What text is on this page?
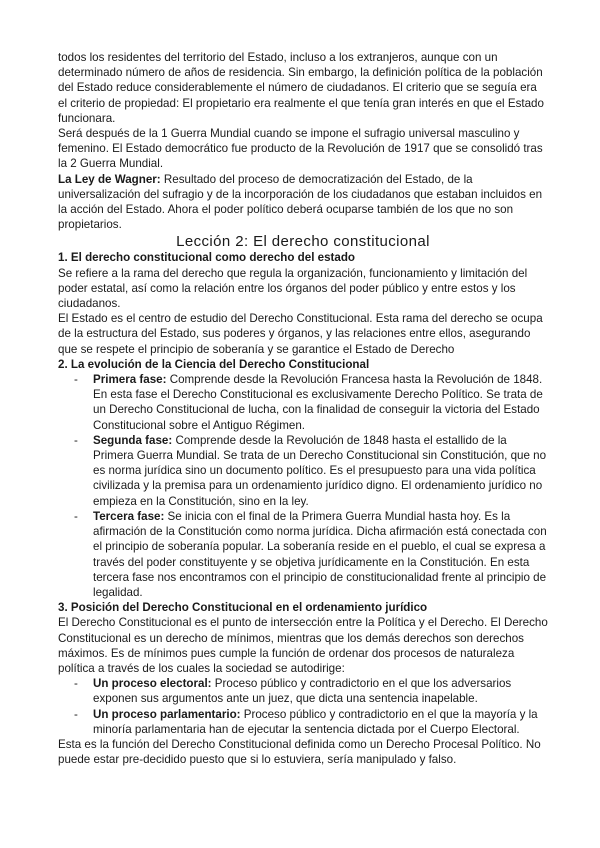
todos los residentes del territorio del Estado, incluso a los extranjeros, aunque con un determinado número de años de residencia. Sin embargo, la definición política de la población del Estado reduce considerablemente el número de ciudadanos. El criterio que se seguía era el criterio de propiedad: El propietario era realmente el que tenía gran interés en que el Estado funcionara.

Será después de la 1 Guerra Mundial cuando se impone el sufragio universal masculino y femenino. El Estado democrático fue producto de la Revolución de 1917 que se consolidó tras la 2 Guerra Mundial.

La Ley de Wagner: Resultado del proceso de democratización del Estado, de la universalización del sufragio y de la incorporación de los ciudadanos que estaban incluidos en la acción del Estado. Ahora el poder político deberá ocuparse también de los que no son propietarios.

Lección 2: El derecho constitucional

1. El derecho constitucional como derecho del estado

Se refiere a la rama del derecho que regula la organización, funcionamiento y limitación del poder estatal, así como la relación entre los órganos del poder público y entre estos y los ciudadanos.

El Estado es el centro de estudio del Derecho Constitucional. Esta rama del derecho se ocupa de la estructura del Estado, sus poderes y órganos, y las relaciones entre ellos, asegurando que se respete el principio de soberanía y se garantice el Estado de Derecho

2. La evolución de la Ciencia del Derecho Constitucional

- Primera fase: Comprende desde la Revolución Francesa hasta la Revolución de 1848. En esta fase el Derecho Constitucional es exclusivamente Derecho Político. Se trata de un Derecho Constitucional de lucha, con la finalidad de conseguir la victoria del Estado Constitucional sobre el Antiguo Régimen.
- Segunda fase: Comprende desde la Revolución de 1848 hasta el estallido de la Primera Guerra Mundial. Se trata de un Derecho Constitucional sin Constitución, que no es norma jurídica sino un documento político. Es el presupuesto para una vida política civilizada y la premisa para un ordenamiento jurídico digno. El ordenamiento jurídico no empieza en la Constitución, sino en la ley.
- Tercera fase: Se inicia con el final de la Primera Guerra Mundial hasta hoy. Es la afirmación de la Constitución como norma jurídica. Dicha afirmación está conectada con el principio de soberanía popular. La soberanía reside en el pueblo, el cual se expresa a través del poder constituyente y se objetiva jurídicamente en la Constitución. En esta tercera fase nos encontramos con el principio de constitucionalidad frente al principio de legalidad.

3. Posición del Derecho Constitucional en el ordenamiento jurídico

El Derecho Constitucional es el punto de intersección entre la Política y el Derecho. El Derecho Constitucional es un derecho de mínimos, mientras que los demás derechos son derechos máximos. Es de mínimos pues cumple la función de ordenar dos procesos de naturaleza política a través de los cuales la sociedad se autodirige:

- Un proceso electoral: Proceso público y contradictorio en el que los adversarios exponen sus argumentos ante un juez, que dicta una sentencia inapelable.
- Un proceso parlamentario: Proceso público y contradictorio en el que la mayoría y la minoría parlamentaria han de ejecutar la sentencia dictada por el Cuerpo Electoral.

Esta es la función del Derecho Constitucional definida como un Derecho Procesal Político. No puede estar pre-decidido puesto que si lo estuviera, sería manipulado y falso.
